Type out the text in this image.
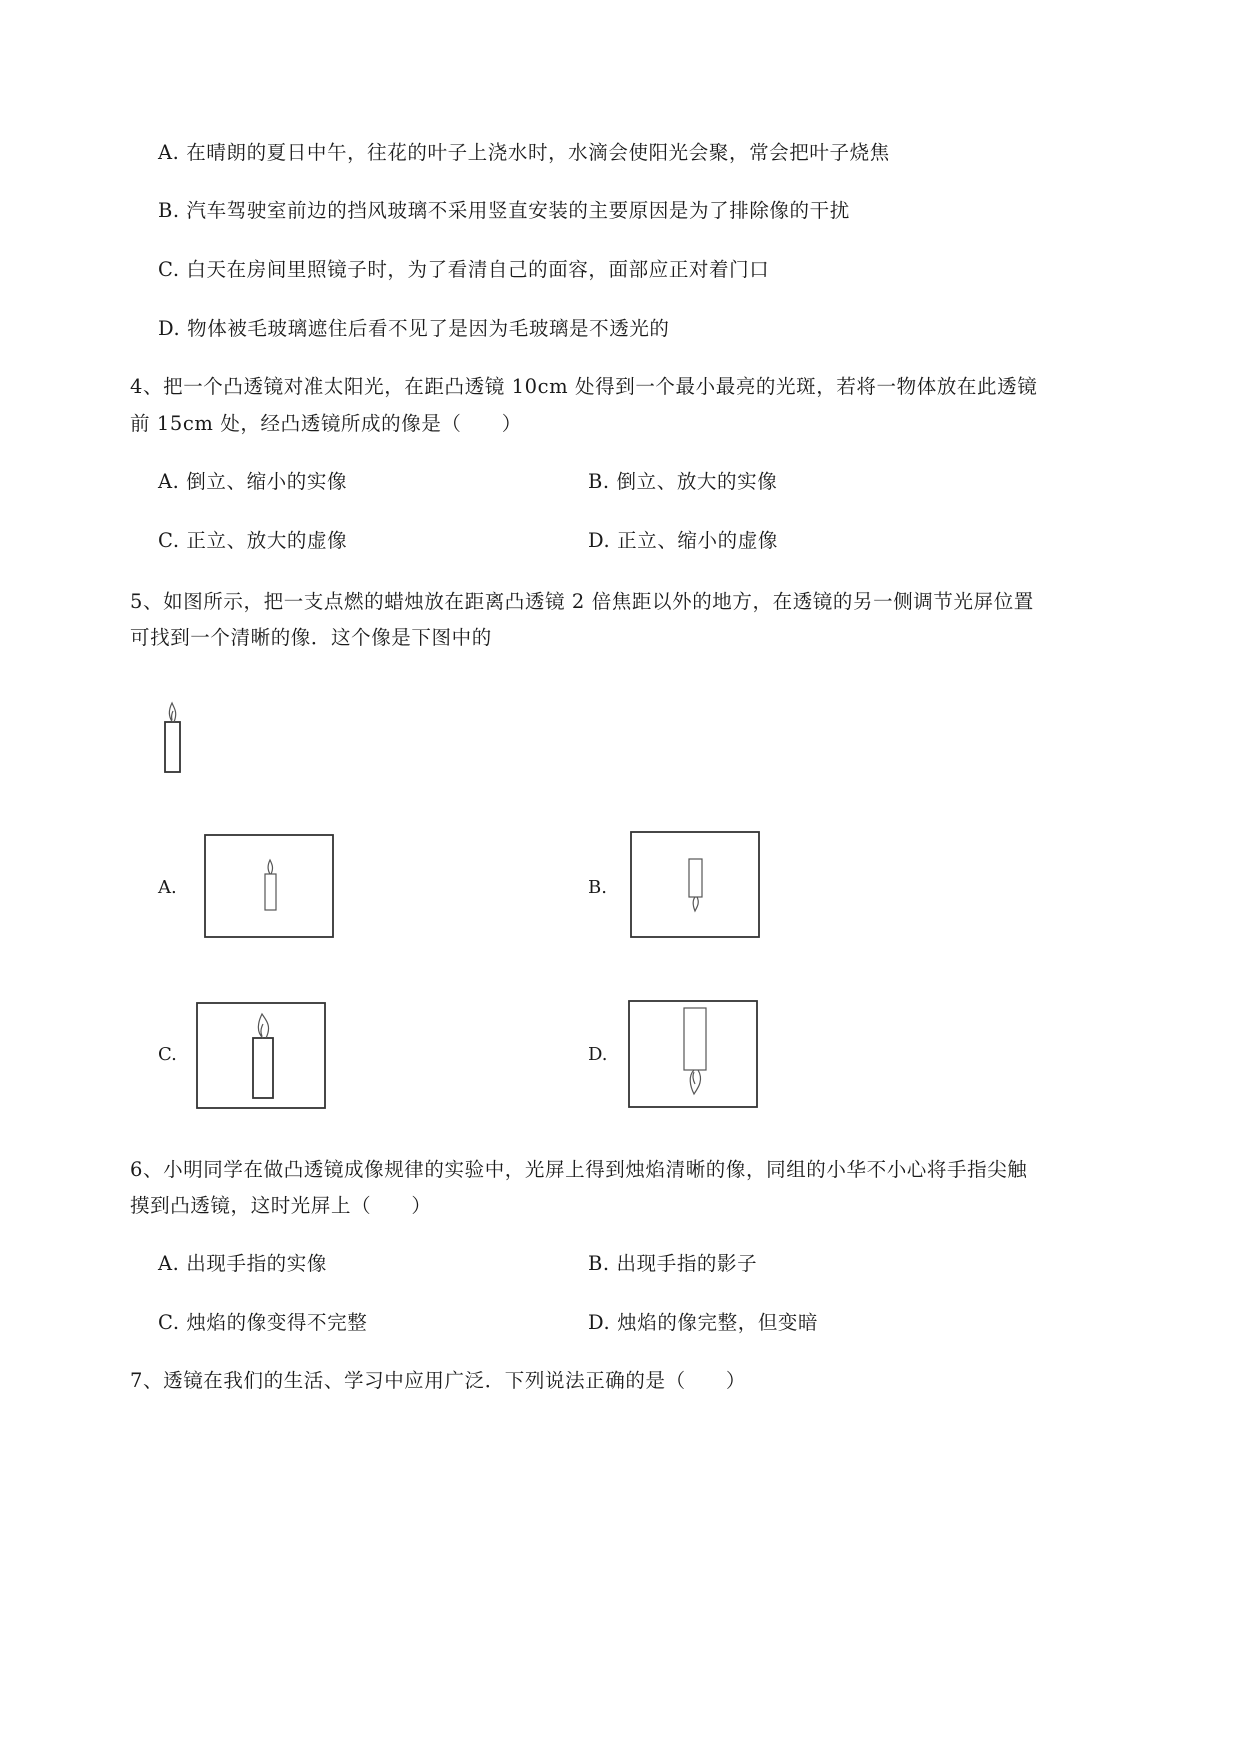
A. 在晴朗的夏日中午，往花的叶子上浇水时，水滴会使阳光会聚，常会把叶子烧焦
B. 汽车驾驶室前边的挡风玻璃不采用竖直安装的主要原因是为了排除像的干扰
C. 白天在房间里照镜子时，为了看清自己的面容，面部应正对着门口
D. 物体被毛玻璃遮住后看不见了是因为毛玻璃是不透光的
4、把一个凸透镜对准太阳光，在距凸透镜 10cm 处得到一个最小最亮的光斑，若将一物体放在此透镜
前 15cm 处，经凸透镜所成的像是（　　）
A. 倒立、缩小的实像	B. 倒立、放大的实像
C. 正立、放大的虚像	D. 正立、缩小的虚像
5、如图所示，把一支点燃的蜡烛放在距离凸透镜 2 倍焦距以外的地方，在透镜的另一侧调节光屏位置
可找到一个清晰的像．这个像是下图中的
A.	B.
C.	D.
6、小明同学在做凸透镜成像规律的实验中，光屏上得到烛焰清晰的像，同组的小华不小心将手指尖触
摸到凸透镜，这时光屏上（　　）
A. 出现手指的实像	B. 出现手指的影子
C. 烛焰的像变得不完整	D. 烛焰的像完整，但变暗
7、透镜在我们的生活、学习中应用广泛．下列说法正确的是（　　）
